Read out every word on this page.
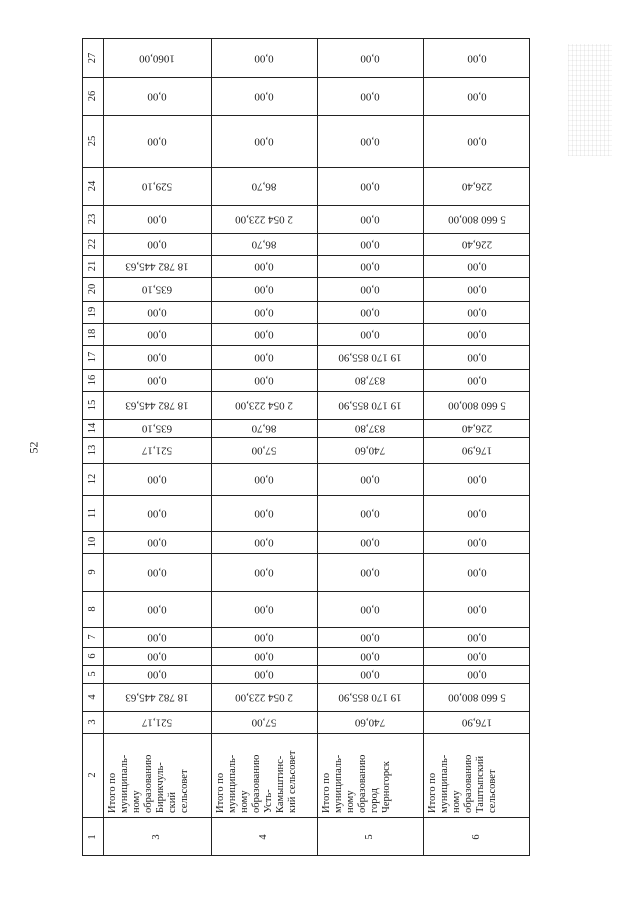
52
1
2
3
4
5
6
7
8
9
10
11
12
13
14
15
16
17
18
19
20
21
22
23
24
25
26
27
3
Итого по
муниципаль-
ному
образованию
Бирикчуль-
ский
сельсовет
521,17
18 782 445,63
0,00
0,00
0,00
0,00
0,00
0,00
0,00
0,00
521,17
635,10
18 782 445,63
0,00
0,00
0,00
0,00
635,10
18 782 445,63
0,00
0,00
529,10
0,00
0,00
1060,00
4
Итого по
муниципаль-
ному
образованию
Усть-
Камыштинс-
кий сельсовет
57,00
2 054 223,00
0,00
0,00
0,00
0,00
0,00
0,00
0,00
0,00
57,00
86,70
2 054 223,00
0,00
0,00
0,00
0,00
0,00
0,00
86,70
2 054 223,00
86,70
0,00
0,00
0,00
5
Итого по
муниципаль-
ному
образованию
город
Черногорск
740,60
19 170 855,90
0,00
0,00
0,00
0,00
0,00
0,00
0,00
0,00
740,60
837,80
19 170 855,90
837,80
19 170 855,90
0,00
0,00
0,00
0,00
0,00
0,00
0,00
0,00
0,00
0,00
6
Итого по
муниципаль-
ному
образованию
Таштыпский
сельсовет
176,90
5 660 800,00
0,00
0,00
0,00
0,00
0,00
0,00
0,00
0,00
176,90
226,40
5 660 800,00
0,00
0,00
0,00
0,00
0,00
0,00
226,40
5 660 800,00
226,40
0,00
0,00
0,00
